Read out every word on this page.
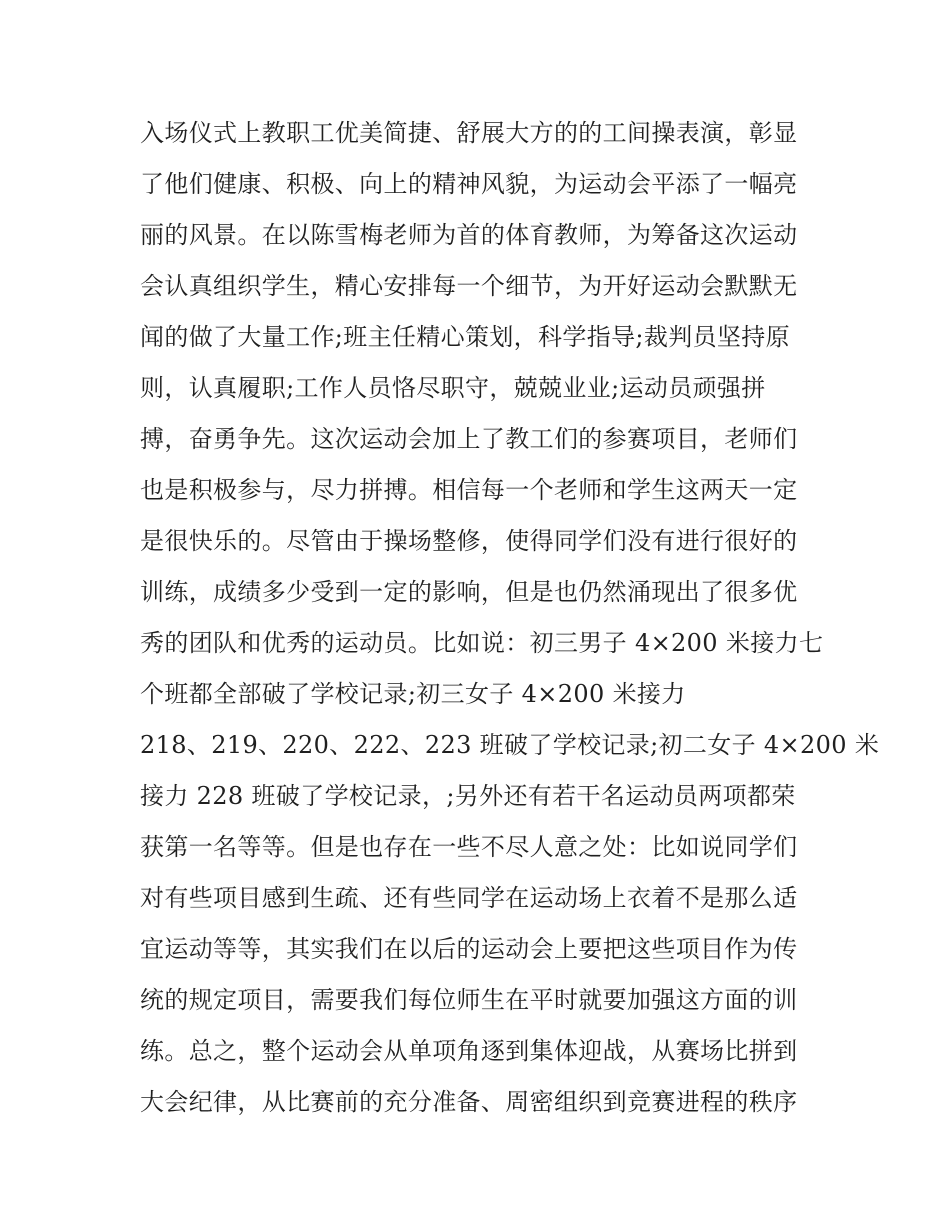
入场仪式上教职工优美简捷、舒展大方的的工间操表演，彰显
了他们健康、积极、向上的精神风貌，为运动会平添了一幅亮
丽的风景。在以陈雪梅老师为首的体育教师，为筹备这次运动
会认真组织学生，精心安排每一个细节，为开好运动会默默无
闻的做了大量工作;班主任精心策划，科学指导;裁判员坚持原
则，认真履职;工作人员恪尽职守，兢兢业业;运动员顽强拼
搏，奋勇争先。这次运动会加上了教工们的参赛项目，老师们
也是积极参与，尽力拼搏。相信每一个老师和学生这两天一定
是很快乐的。尽管由于操场整修，使得同学们没有进行很好的
训练，成绩多少受到一定的影响，但是也仍然涌现出了很多优
秀的团队和优秀的运动员。比如说：初三男子 4×200 米接力七
个班都全部破了学校记录;初三女子 4×200 米接力
218、219、220、222、223 班破了学校记录;初二女子 4×200 米
接力 228 班破了学校记录，;另外还有若干名运动员两项都荣
获第一名等等。但是也存在一些不尽人意之处：比如说同学们
对有些项目感到生疏、还有些同学在运动场上衣着不是那么适
宜运动等等，其实我们在以后的运动会上要把这些项目作为传
统的规定项目，需要我们每位师生在平时就要加强这方面的训
练。总之，整个运动会从单项角逐到集体迎战，从赛场比拼到
大会纪律，从比赛前的充分准备、周密组织到竞赛进程的秩序
